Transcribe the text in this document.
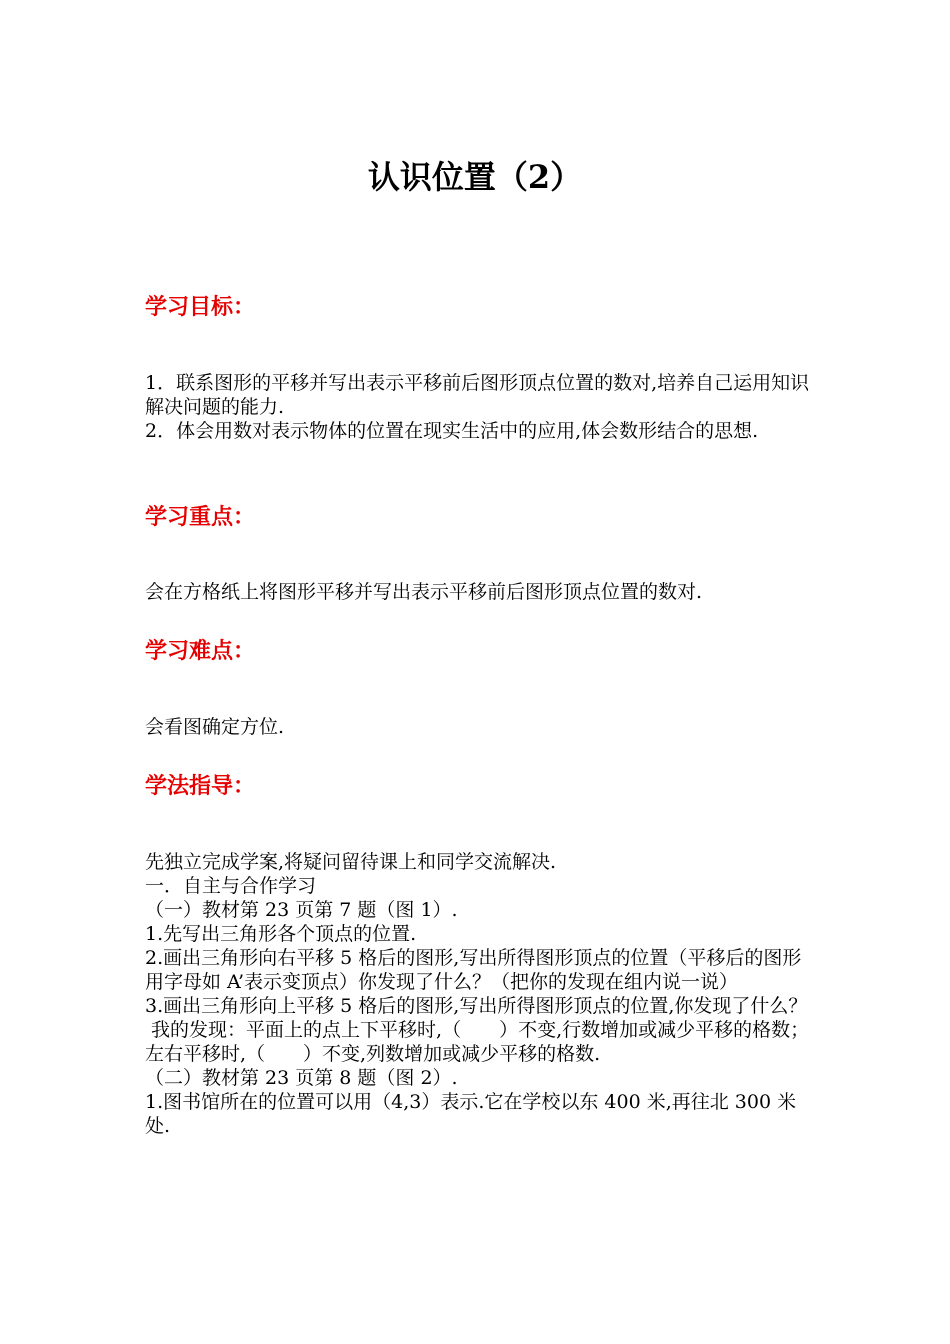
认识位置（2）
学习目标：

1．联系图形的平移并写出表示平移前后图形顶点位置的数对,培养自己运用知识解决问题的能力.

2．体会用数对表示物体的位置在现实生活中的应用,体会数形结合的思想.

学习重点：
会在方格纸上将图形平移并写出表示平移前后图形顶点位置的数对.
学习难点：
会看图确定方位.
学法指导：

先独立完成学案,将疑问留待课上和同学交流解决.

一．自主与合作学习

（一）教材第 23 页第 7 题（图 1）.

1.先写出三角形各个顶点的位置.

2.画出三角形向右平移 5 格后的图形,写出所得图形顶点的位置（平移后的图形用字母如 A’表示变顶点）你发现了什么？（把你的发现在组内说一说）

3.画出三角形向上平移 5 格后的图形,写出所得图形顶点的位置,你发现了什么？

我的发现：平面上的点上下平移时,（　　）不变,行数增加或减少平移的格数；左右平移时,（　　）不变,列数增加或减少平移的格数.

（二）教材第 23 页第 8 题（图 2）.

1.图书馆所在的位置可以用（4,3）表示.它在学校以东 400 米,再往北 300 米处.
